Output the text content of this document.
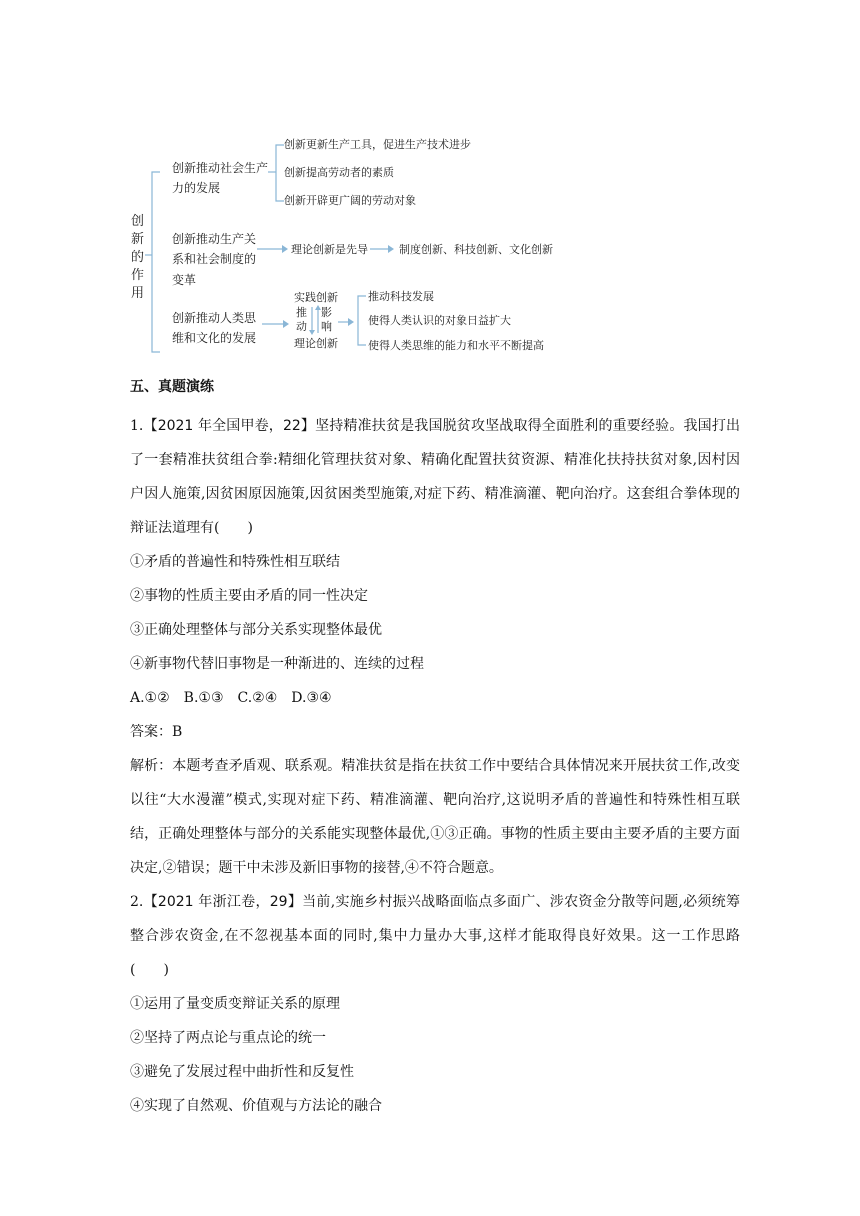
创
新
的
作
用
创新推动社会生产
力的发展
创新更新生产工具，促进生产技术进步
创新提高劳动者的素质
创新开辟更广阔的劳动对象
创新推动生产关
系和社会制度的
变革
理论创新是先导	制度创新、科技创新、文化创新
创新推动人类思
维和文化的发展
实践创新
推
动
影
响
理论创新
推动科技发展
使得人类认识的对象日益扩大
使得人类思维的能力和水平不断提高
五、真题演练

1.【2021 年全国甲卷，22】坚持精准扶贫是我国脱贫攻坚战取得全面胜利的重要经验。我国打出了一套精准扶贫组合拳:精细化管理扶贫对象、精确化配置扶贫资源、精准化扶持扶贫对象,因村因户因人施策,因贫困原因施策,因贫困类型施策,对症下药、精准滴灌、靶向治疗。这套组合拳体现的辩证法道理有(　　)

①矛盾的普遍性和特殊性相互联结

②事物的性质主要由矛盾的同一性决定

③正确处理整体与部分关系实现整体最优

④新事物代替旧事物是一种渐进的、连续的过程

A.①②　B.①③　C.②④　D.③④

答案：B

解析：本题考查矛盾观、联系观。精准扶贫是指在扶贫工作中要结合具体情况来开展扶贫工作,改变以往“大水漫灌”模式,实现对症下药、精准滴灌、靶向治疗,这说明矛盾的普遍性和特殊性相互联结，正确处理整体与部分的关系能实现整体最优,①③正确。事物的性质主要由主要矛盾的主要方面决定,②错误；题干中未涉及新旧事物的接替,④不符合题意。

2.【2021 年浙江卷，29】当前,实施乡村振兴战略面临点多面广、涉农资金分散等问题,必须统筹整合涉农资金,在不忽视基本面的同时,集中力量办大事,这样才能取得良好效果。这一工作思路(　　)

①运用了量变质变辩证关系的原理

②坚持了两点论与重点论的统一

③避免了发展过程中曲折性和反复性

④实现了自然观、价值观与方法论的融合
